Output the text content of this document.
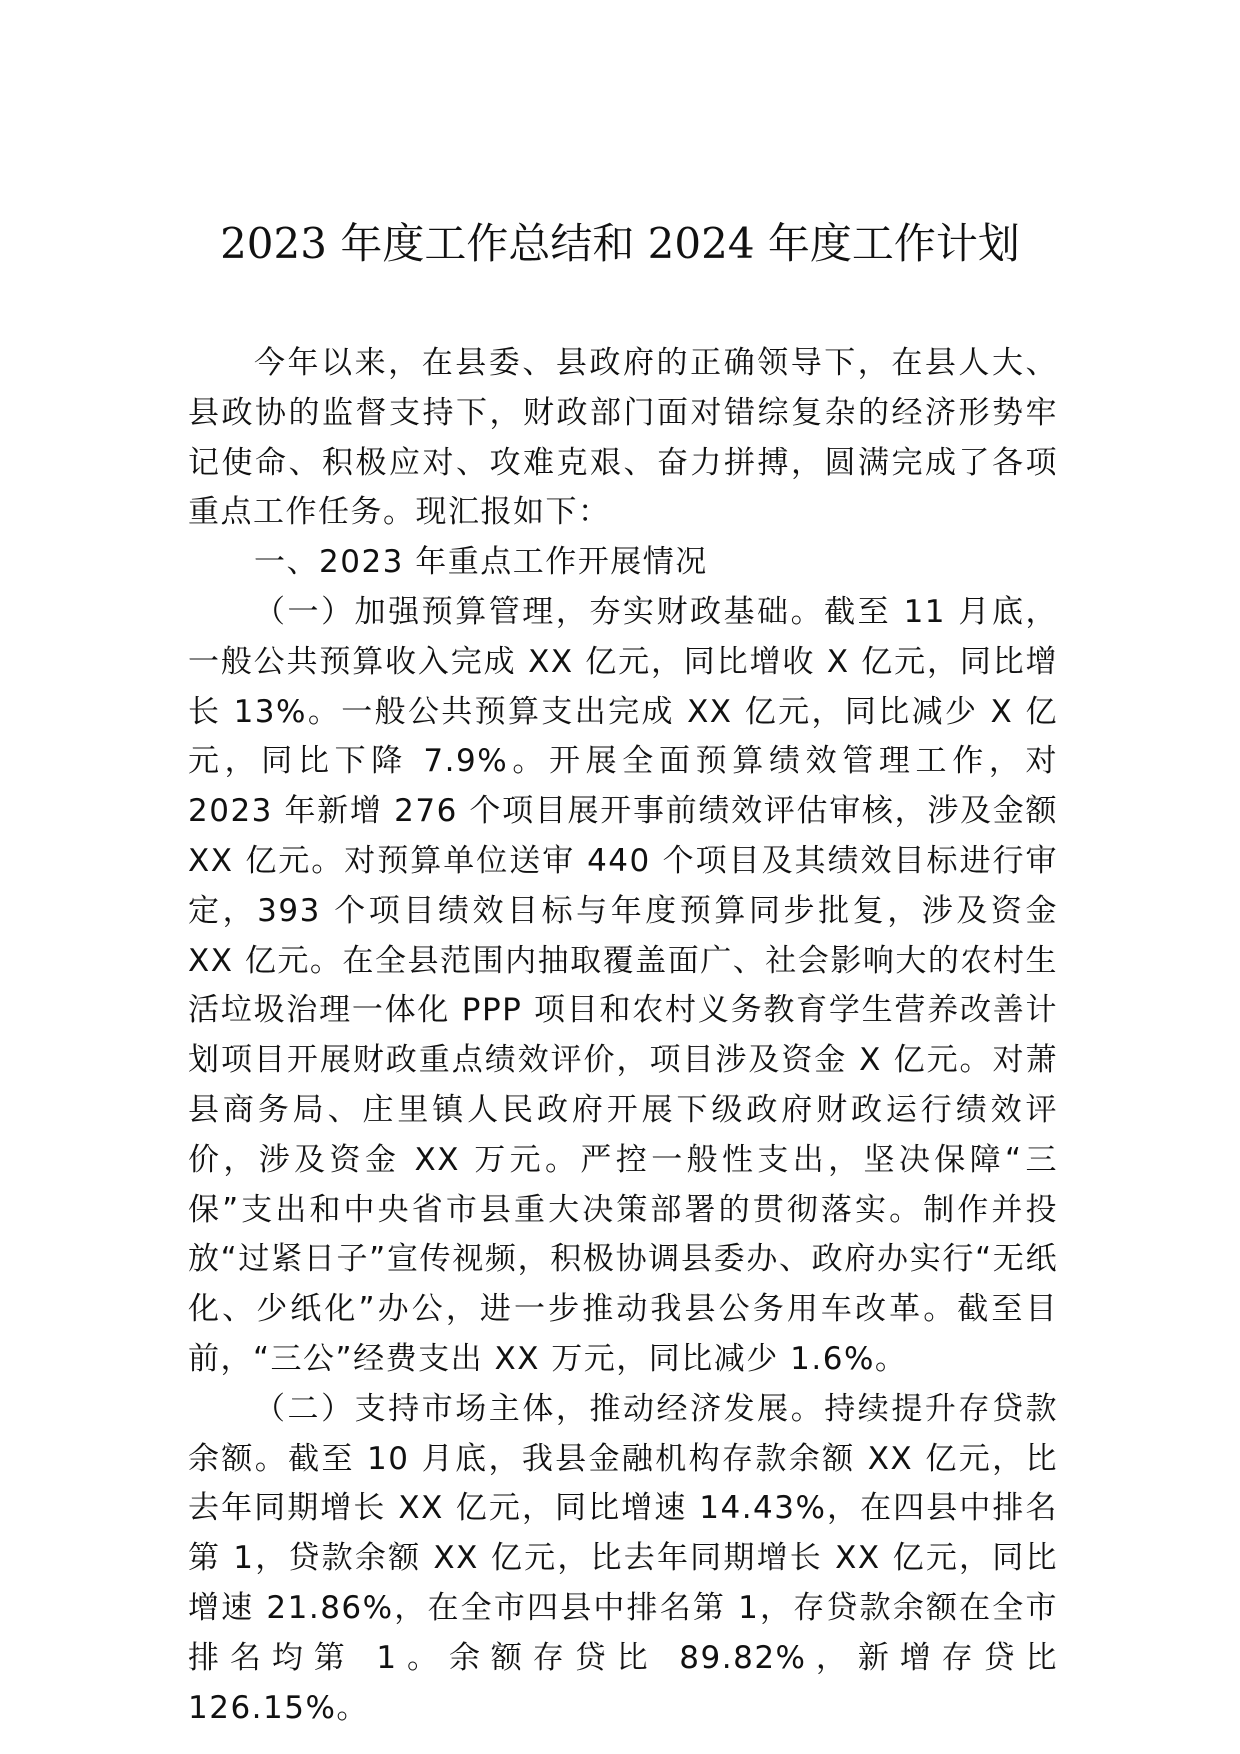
2023 年度工作总结和 2024 年度工作计划

今年以来，在县委、县政府的正确领导下，在县人大、县政协的监督支持下，财政部门面对错综复杂的经济形势牢记使命、积极应对、攻难克艰、奋力拼搏，圆满完成了各项重点工作任务。现汇报如下：

一、2023 年重点工作开展情况

（一）加强预算管理，夯实财政基础。截至 11 月底，一般公共预算收入完成 XX 亿元，同比增收 X 亿元，同比增长 13%。一般公共预算支出完成 XX 亿元，同比减少 X 亿元，同比下降 7.9%。开展全面预算绩效管理工作，对 2023 年新增 276 个项目展开事前绩效评估审核，涉及金额 XX 亿元。对预算单位送审 440 个项目及其绩效目标进行审定，393 个项目绩效目标与年度预算同步批复，涉及资金 XX 亿元。在全县范围内抽取覆盖面广、社会影响大的农村生活垃圾治理一体化 PPP 项目和农村义务教育学生营养改善计划项目开展财政重点绩效评价，项目涉及资金 X 亿元。对萧县商务局、庄里镇人民政府开展下级政府财政运行绩效评价，涉及资金 XX 万元。严控一般性支出，坚决保障“三保”支出和中央省市县重大决策部署的贯彻落实。制作并投放“过紧日子”宣传视频，积极协调县委办、政府办实行“无纸化、少纸化”办公，进一步推动我县公务用车改革。截至目前，“三公”经费支出 XX 万元，同比减少 1.6%。

（二）支持市场主体，推动经济发展。持续提升存贷款余额。截至 10 月底，我县金融机构存款余额 XX 亿元，比去年同期增长 XX 亿元，同比增速 14.43%，在四县中排名第 1，贷款余额 XX 亿元，比去年同期增长 XX 亿元，同比增速 21.86%，在全市四县中排名第 1，存贷款余额在全市排名均第 1。余额存贷比 89.82%，新增存贷比 126.15%。
